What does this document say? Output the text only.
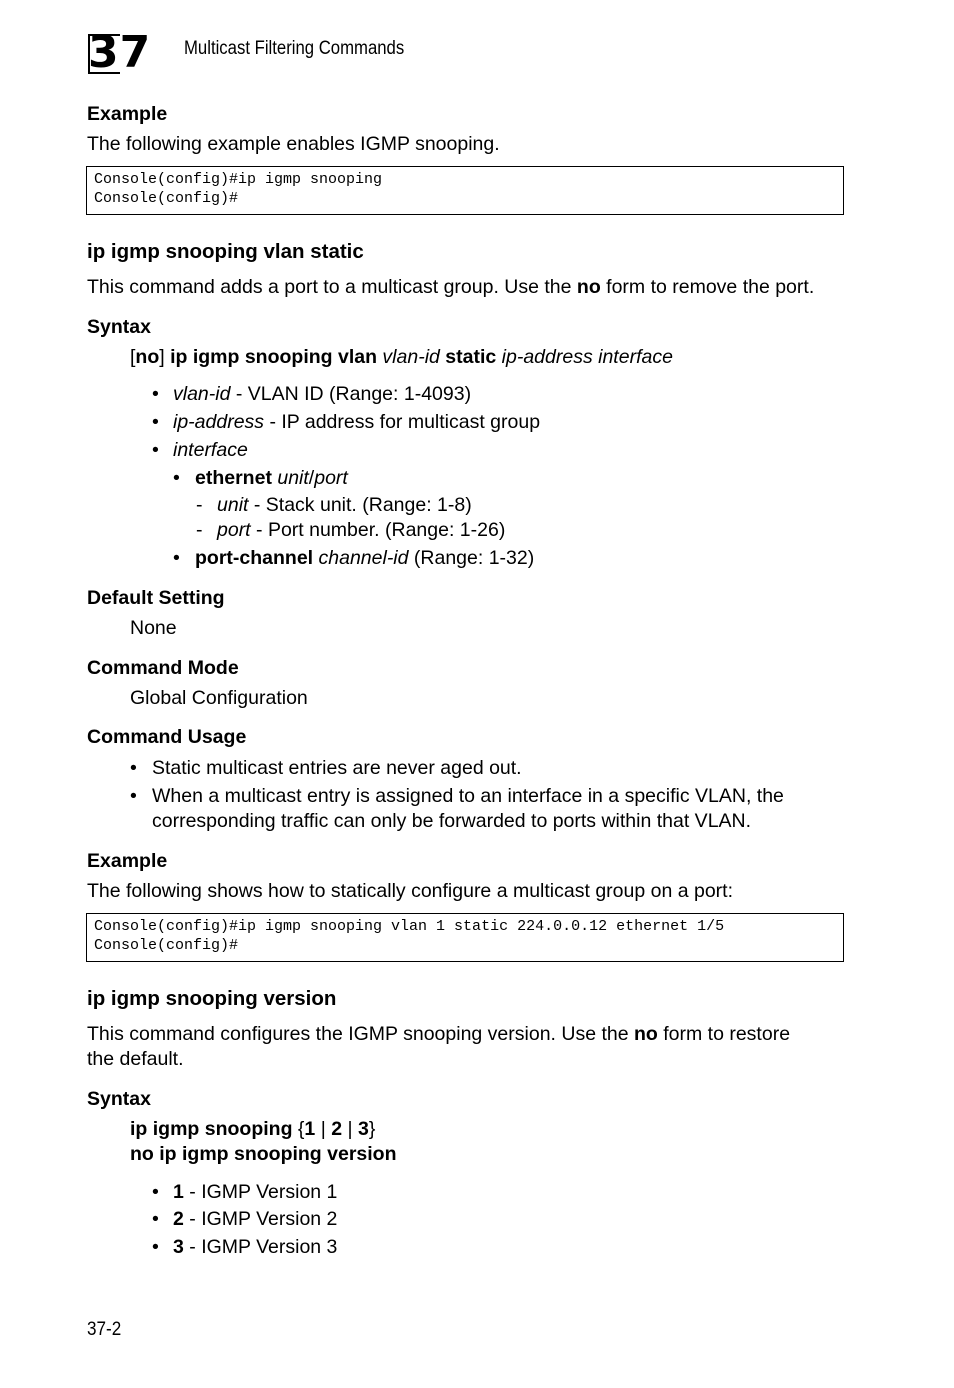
37	Multicast Filtering Commands
Example
The following example enables IGMP snooping.
Console(config)#ip igmp snooping
Console(config)#
ip igmp snooping vlan static
This command adds a port to a multicast group. Use the no form to remove the port.
Syntax
[no] ip igmp snooping vlan vlan-id static ip-address interface
• vlan-id - VLAN ID (Range: 1-4093)
• ip-address - IP address for multicast group
• interface
• ethernet unit/port
- unit - Stack unit. (Range: 1-8)
- port - Port number. (Range: 1-26)
• port-channel channel-id (Range: 1-32)
Default Setting
None
Command Mode
Global Configuration
Command Usage
• Static multicast entries are never aged out.
• When a multicast entry is assigned to an interface in a specific VLAN, the
corresponding traffic can only be forwarded to ports within that VLAN.
Example
The following shows how to statically configure a multicast group on a port:
Console(config)#ip igmp snooping vlan 1 static 224.0.0.12 ethernet 1/5
Console(config)#
ip igmp snooping version
This command configures the IGMP snooping version. Use the no form to restore
the default.
Syntax
ip igmp snooping {1 | 2 | 3}
no ip igmp snooping version
• 1 - IGMP Version 1
• 2 - IGMP Version 2
• 3 - IGMP Version 3
37-2
